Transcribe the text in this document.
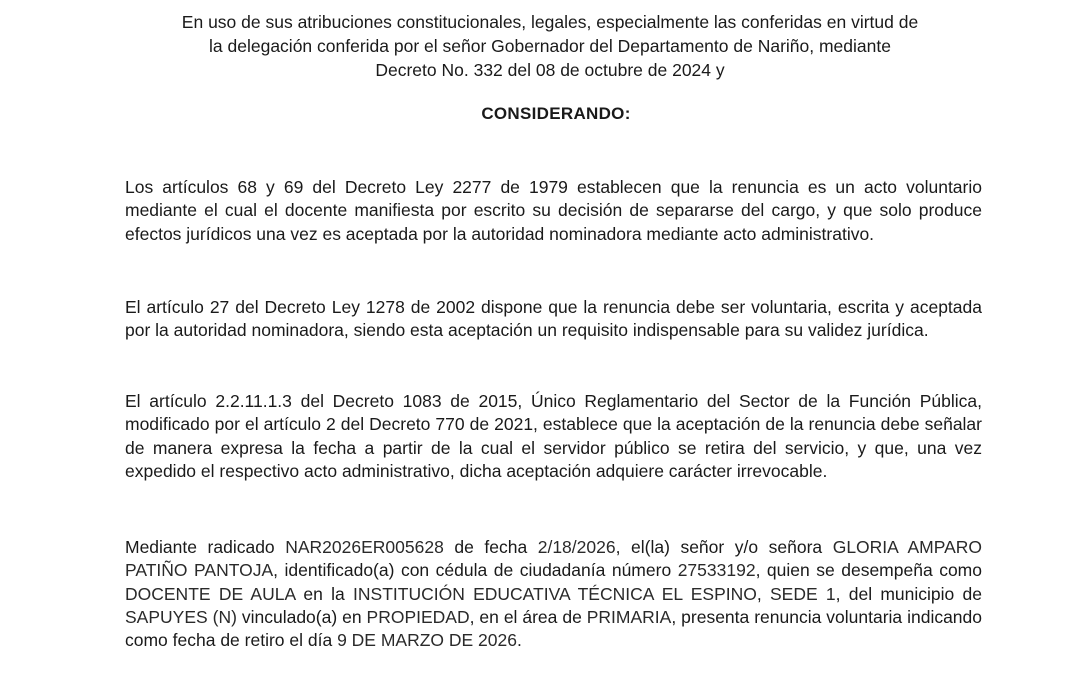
En uso de sus atribuciones constitucionales, legales, especialmente las conferidas en virtud de
la delegación conferida por el señor Gobernador del Departamento de Nariño, mediante
Decreto No. 332 del 08 de octubre de 2024 y
CONSIDERANDO:
Los artículos 68 y 69 del Decreto Ley 2277 de 1979 establecen que la renuncia es un acto voluntario mediante el cual el docente manifiesta por escrito su decisión de separarse del cargo, y que solo produce efectos jurídicos una vez es aceptada por la autoridad nominadora mediante acto administrativo.
El artículo 27 del Decreto Ley 1278 de 2002 dispone que la renuncia debe ser voluntaria, escrita y aceptada por la autoridad nominadora, siendo esta aceptación un requisito indispensable para su validez jurídica.
El artículo 2.2.11.1.3 del Decreto 1083 de 2015, Único Reglamentario del Sector de la Función Pública, modificado por el artículo 2 del Decreto 770 de 2021, establece que la aceptación de la renuncia debe señalar de manera expresa la fecha a partir de la cual el servidor público se retira del servicio, y que, una vez expedido el respectivo acto administrativo, dicha aceptación adquiere carácter irrevocable.
Mediante radicado NAR2026ER005628 de fecha 2/18/2026, el(la) señor y/o señora GLORIA AMPARO PATIÑO PANTOJA, identificado(a) con cédula de ciudadanía número 27533192, quien se desempeña como DOCENTE DE AULA en la INSTITUCIÓN EDUCATIVA TÉCNICA EL ESPINO, SEDE 1, del municipio de SAPUYES (N) vinculado(a) en PROPIEDAD, en el área de PRIMARIA, presenta renuncia voluntaria indicando como fecha de retiro el día 9 DE MARZO DE 2026.
